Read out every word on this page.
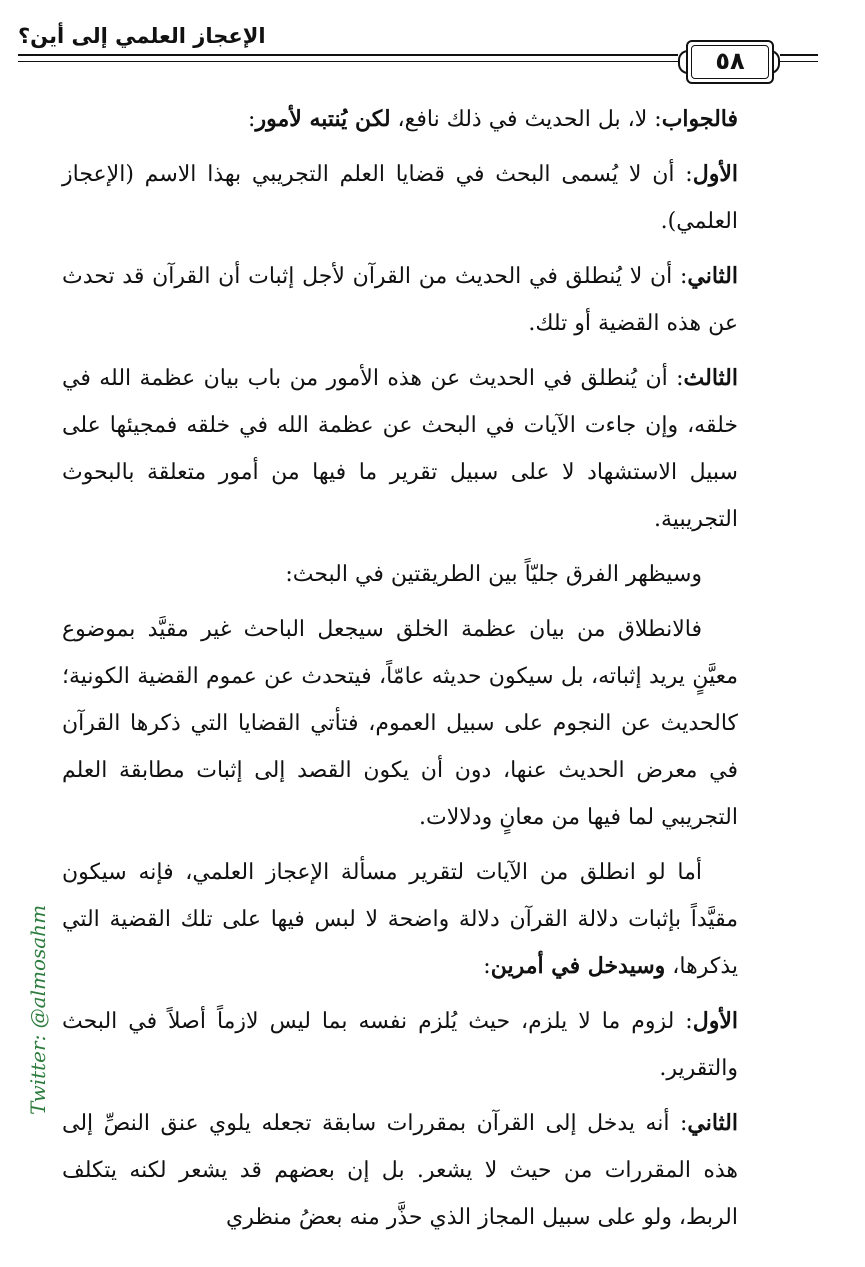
الإعجاز العلمي إلى أين؟
٥٨

فالجواب: لا، بل الحديث في ذلك نافع، لكن يُنتبه لأمور:

الأول: أن لا يُسمى البحث في قضايا العلم التجريبي بهذا الاسم (الإعجاز العلمي).

الثاني: أن لا يُنطلق في الحديث من القرآن لأجل إثبات أن القرآن قد تحدث عن هذه القضية أو تلك.

الثالث: أن يُنطلق في الحديث عن هذه الأمور من باب بيان عظمة الله في خلقه، وإن جاءت الآيات في البحث عن عظمة الله في خلقه فمجيئها على سبيل الاستشهاد لا على سبيل تقرير ما فيها من أمور متعلقة بالبحوث التجريبية.

وسيظهر الفرق جليّاً بين الطريقتين في البحث:

فالانطلاق من بيان عظمة الخلق سيجعل الباحث غير مقيَّد بموضوع معيَّنٍ يريد إثباته، بل سيكون حديثه عامّاً، فيتحدث عن عموم القضية الكونية؛ كالحديث عن النجوم على سبيل العموم، فتأتي القضايا التي ذكرها القرآن في معرض الحديث عنها، دون أن يكون القصد إلى إثبات مطابقة العلم التجريبي لما فيها من معانٍ ودلالات.

أما لو انطلق من الآيات لتقرير مسألة الإعجاز العلمي، فإنه سيكون مقيَّداً بإثبات دلالة القرآن دلالة واضحة لا لبس فيها على تلك القضية التي يذكرها، وسيدخل في أمرين:

الأول: لزوم ما لا يلزم، حيث يُلزم نفسه بما ليس لازماً أصلاً في البحث والتقرير.

الثاني: أنه يدخل إلى القرآن بمقررات سابقة تجعله يلوي عنق النصِّ إلى هذه المقررات من حيث لا يشعر. بل إن بعضهم قد يشعر لكنه يتكلف الربط، ولو على سبيل المجاز الذي حذَّر منه بعضُ منظري

Twitter: @almosahm
